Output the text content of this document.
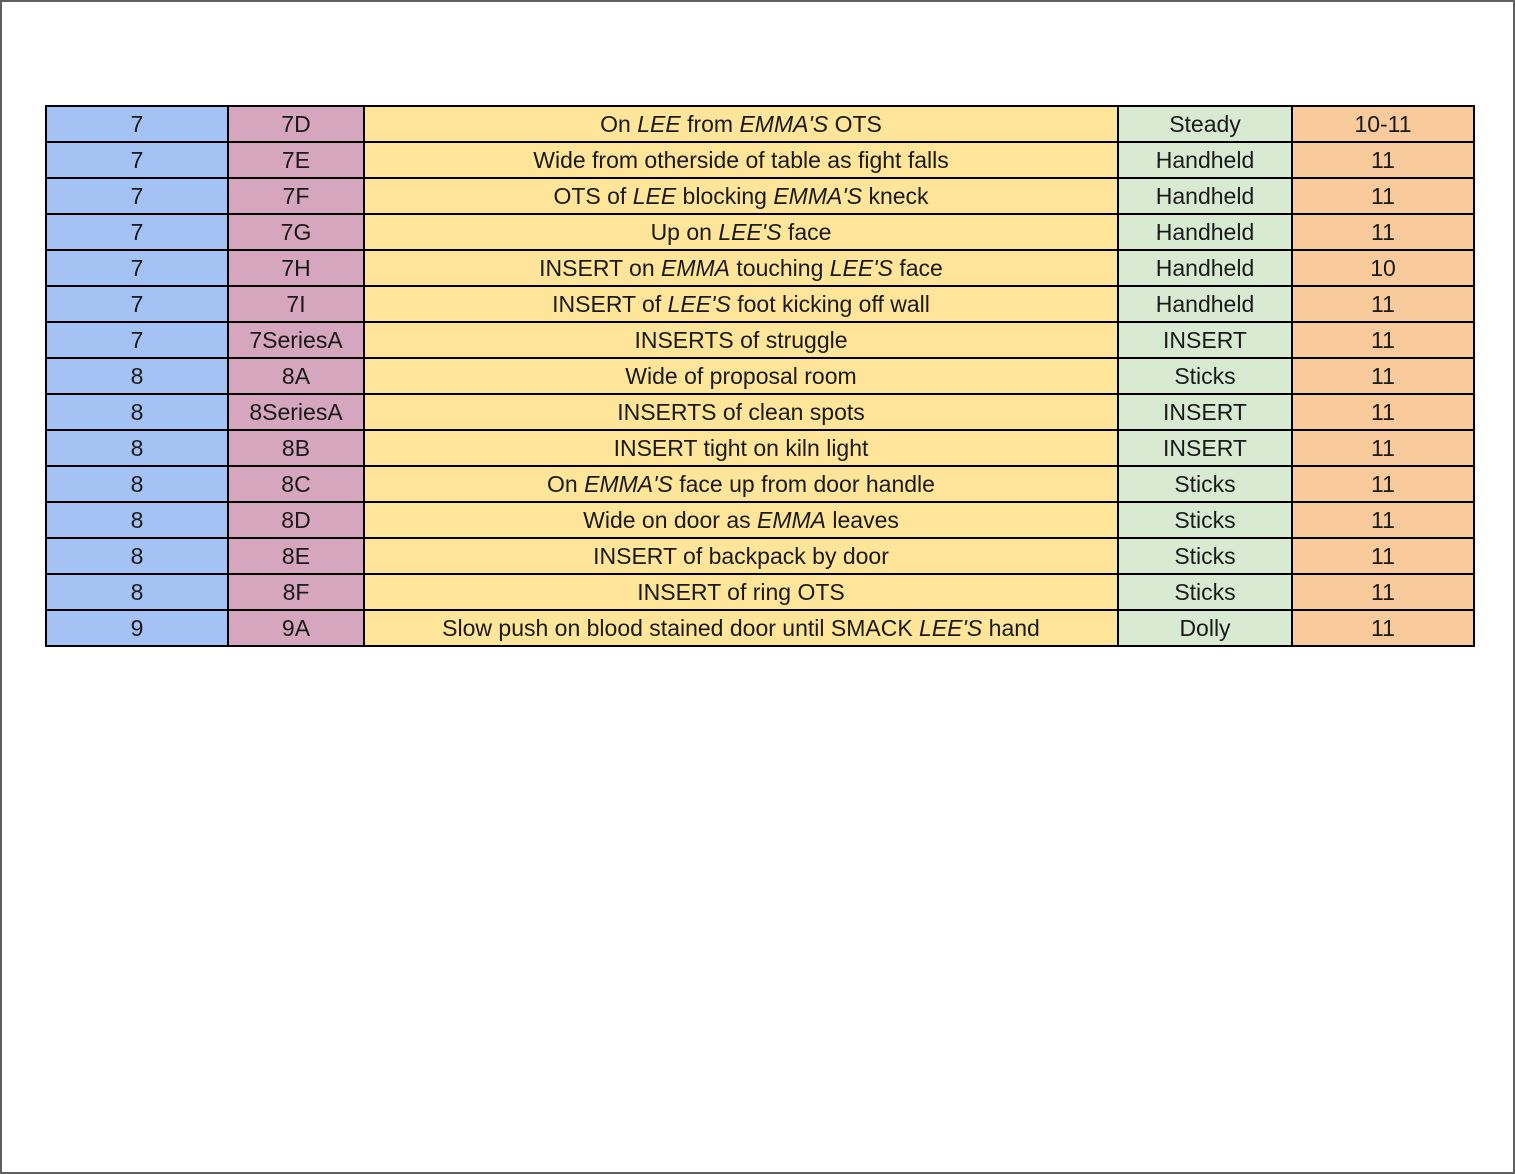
7	7D	On LEE from EMMA'S OTS	Steady	10-11
7	7E	Wide from otherside of table as fight falls	Handheld	11
7	7F	OTS of LEE blocking EMMA'S kneck	Handheld	11
7	7G	Up on LEE'S face	Handheld	11
7	7H	INSERT on EMMA touching LEE'S face	Handheld	10
7	7I	INSERT of LEE'S foot kicking off wall	Handheld	11
7	7SeriesA	INSERTS of struggle	INSERT	11
8	8A	Wide of proposal room	Sticks	11
8	8SeriesA	INSERTS of clean spots	INSERT	11
8	8B	INSERT tight on kiln light	INSERT	11
8	8C	On EMMA'S face up from door handle	Sticks	11
8	8D	Wide on door as EMMA leaves	Sticks	11
8	8E	INSERT of backpack by door	Sticks	11
8	8F	INSERT of ring OTS	Sticks	11
9	9A	Slow push on blood stained door until SMACK LEE'S hand	Dolly	11
